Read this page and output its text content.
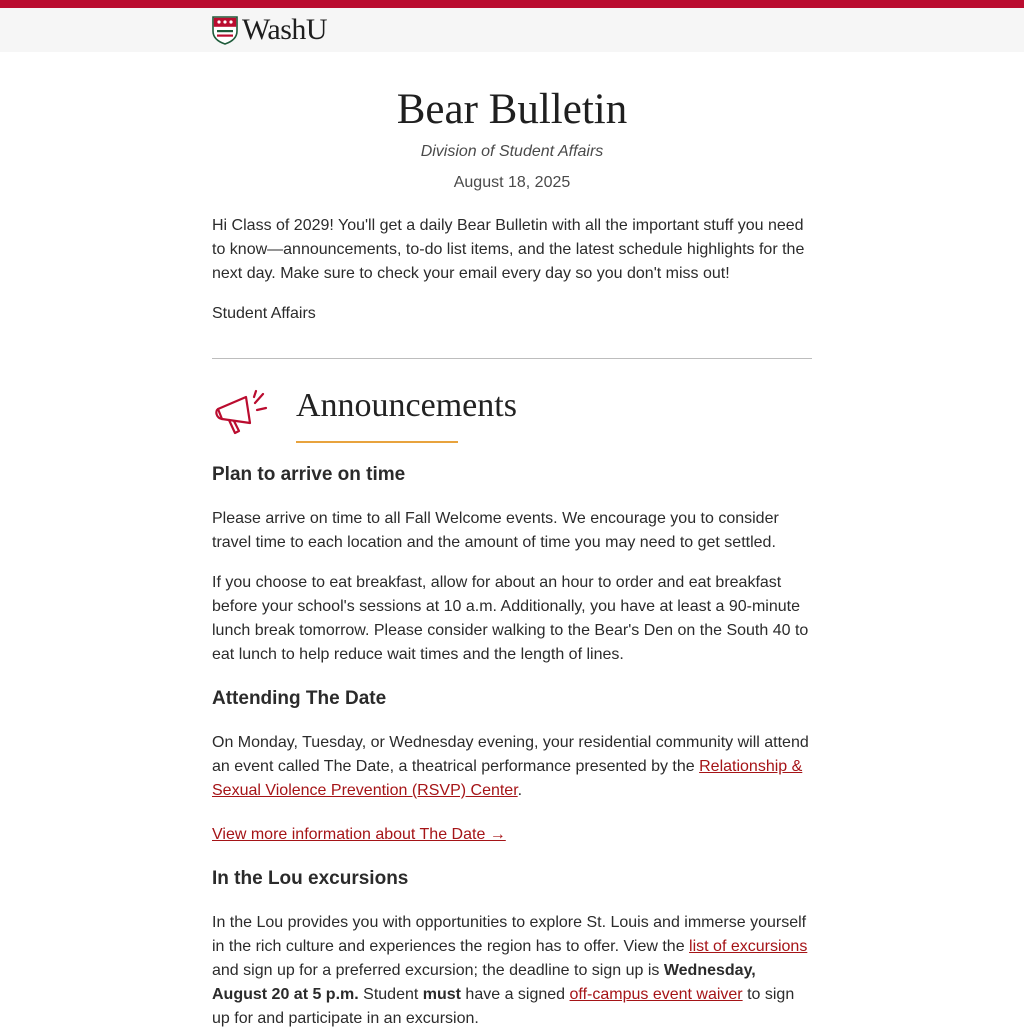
WashU
Bear Bulletin
Division of Student Affairs
August 18, 2025

Hi Class of 2029! You'll get a daily Bear Bulletin with all the important stuff you need to know—announcements, to-do list items, and the latest schedule highlights for the next day. Make sure to check your email every day so you don't miss out!

Student Affairs

Announcements
Plan to arrive on time

Please arrive on time to all Fall Welcome events. We encourage you to consider travel time to each location and the amount of time you may need to get settled.

If you choose to eat breakfast, allow for about an hour to order and eat breakfast before your school's sessions at 10 a.m. Additionally, you have at least a 90-minute lunch break tomorrow. Please consider walking to the Bear's Den on the South 40 to eat lunch to help reduce wait times and the length of lines.

Attending The Date

On Monday, Tuesday, or Wednesday evening, your residential community will attend an event called The Date, a theatrical performance presented by the Relationship & Sexual Violence Prevention (RSVP) Center.

View more information about The Date →
In the Lou excursions

In the Lou provides you with opportunities to explore St. Louis and immerse yourself in the rich culture and experiences the region has to offer. View the list of excursions and sign up for a preferred excursion; the deadline to sign up is Wednesday, August 20 at 5 p.m. Student must have a signed off-campus event waiver to sign up for and participate in an excursion.
